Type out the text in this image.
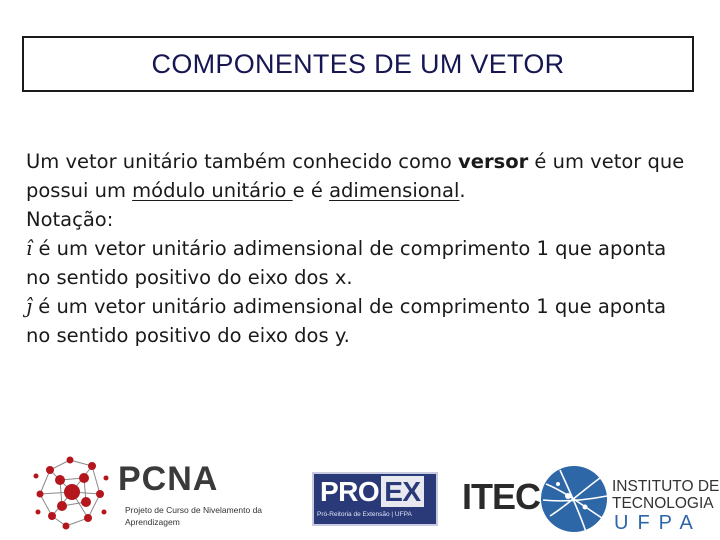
COMPONENTES DE UM VETOR

Um vetor unitário também conhecido como versor é um vetor que

possui um módulo unitário e é adimensional.

Notação:

î é um vetor unitário adimensional de comprimento 1 que aponta

no sentido positivo do eixo dos x.

ĵ é um vetor unitário adimensional de comprimento 1 que aponta

no sentido positivo do eixo dos y.

PCNA
Projeto de Curso de Nivelamento da
Aprendizagem
PRO EX
Pró-Reitoria de Extensão | UFPA	ITEC	INSTITUTO DE
TECNOLOGIA
UFPA
